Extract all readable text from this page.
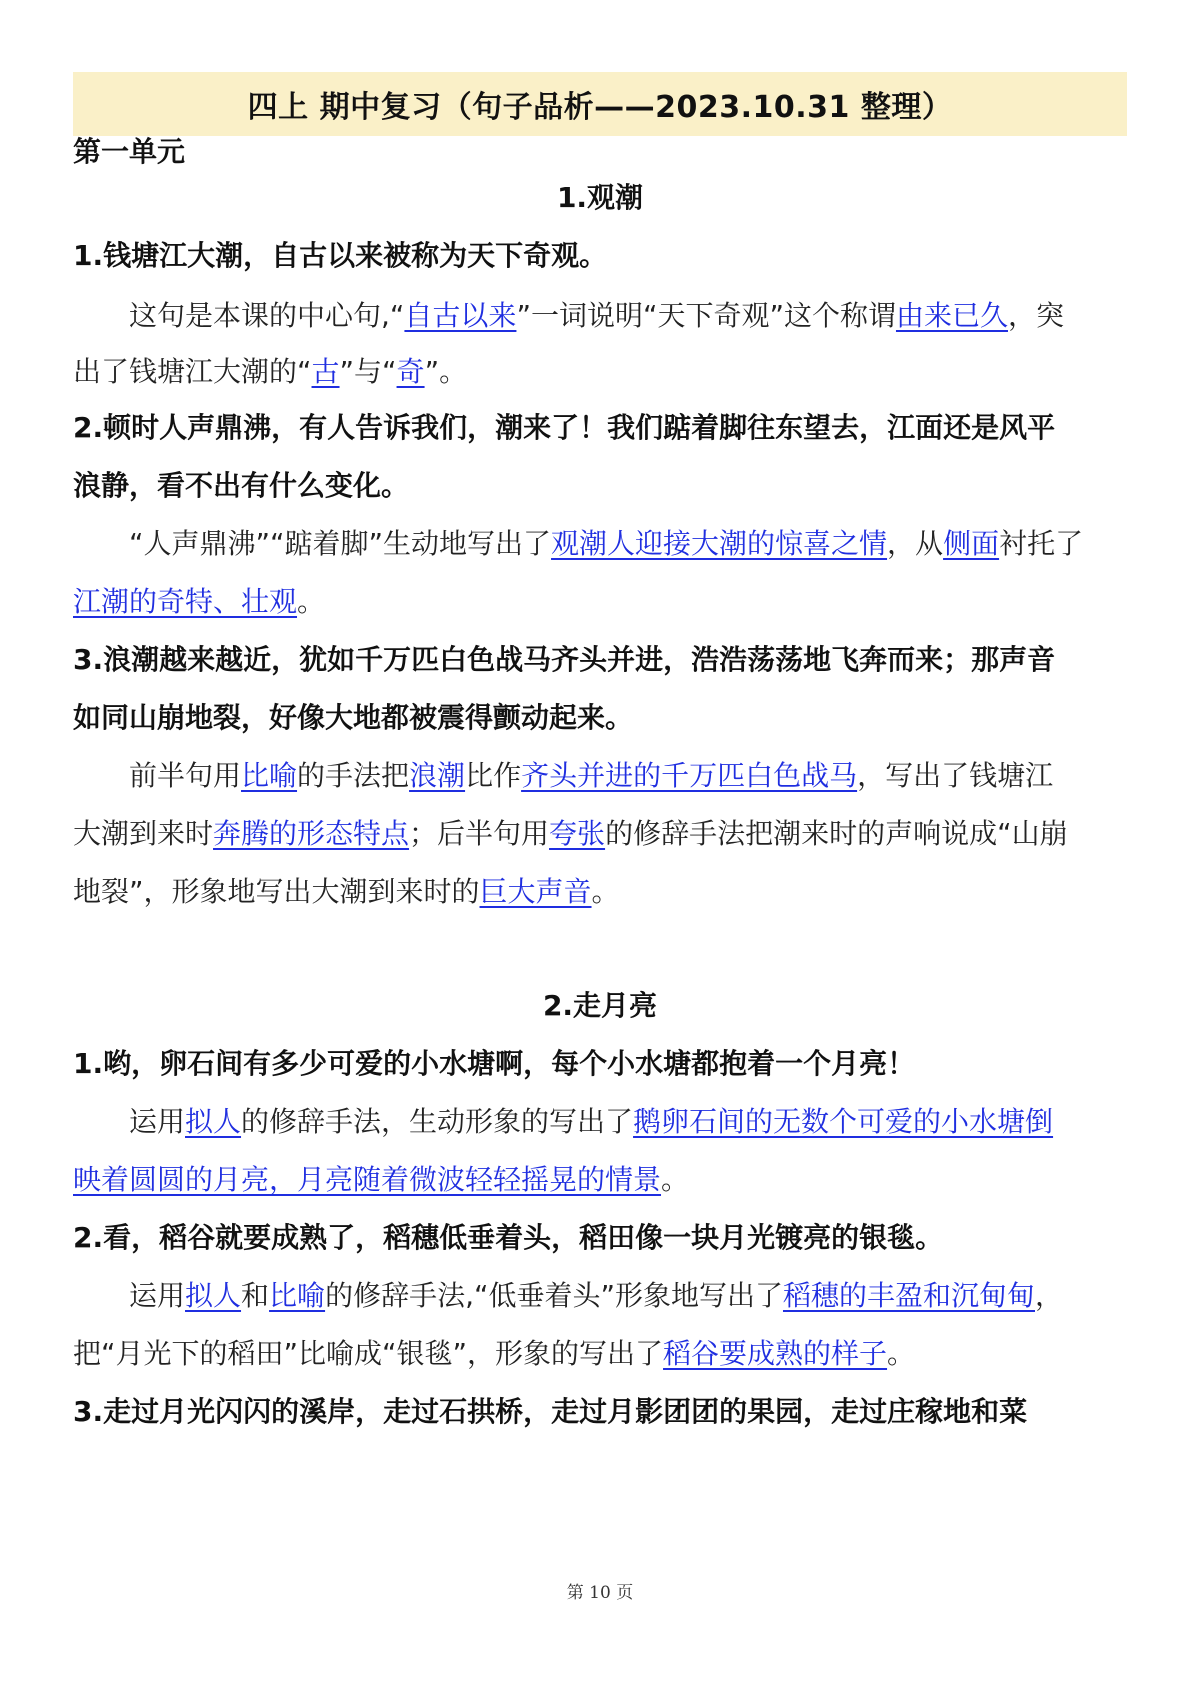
四上 期中复习（句子品析——2023.10.31 整理）
第一单元
1.观潮
1.钱塘江大潮，自古以来被称为天下奇观。
　　这句是本课的中心句,“自古以来”一词说明“天下奇观”这个称谓由来已久，突
出了钱塘江大潮的“古”与“奇”。
2.顿时人声鼎沸，有人告诉我们，潮来了！我们踮着脚往东望去，江面还是风平
浪静，看不出有什么变化。
　　“人声鼎沸”“踮着脚”生动地写出了观潮人迎接大潮的惊喜之情，从侧面衬托了
江潮的奇特、壮观。
3.浪潮越来越近，犹如千万匹白色战马齐头并进，浩浩荡荡地飞奔而来；那声音
如同山崩地裂，好像大地都被震得颤动起来。
　　前半句用比喻的手法把浪潮比作齐头并进的千万匹白色战马，写出了钱塘江
大潮到来时奔腾的形态特点；后半句用夸张的修辞手法把潮来时的声响说成“山崩
地裂”，形象地写出大潮到来时的巨大声音。
2.走月亮
1.哟，卵石间有多少可爱的小水塘啊，每个小水塘都抱着一个月亮！
　　运用拟人的修辞手法，生动形象的写出了鹅卵石间的无数个可爱的小水塘倒
映着圆圆的月亮，月亮随着微波轻轻摇晃的情景。
2.看，稻谷就要成熟了，稻穗低垂着头，稻田像一块月光镀亮的银毯。
　　运用拟人和比喻的修辞手法,“低垂着头”形象地写出了稻穗的丰盈和沉甸甸，
把“月光下的稻田”比喻成“银毯”，形象的写出了稻谷要成熟的样子。
3.走过月光闪闪的溪岸，走过石拱桥，走过月影团团的果园，走过庄稼地和菜
第 10 页
